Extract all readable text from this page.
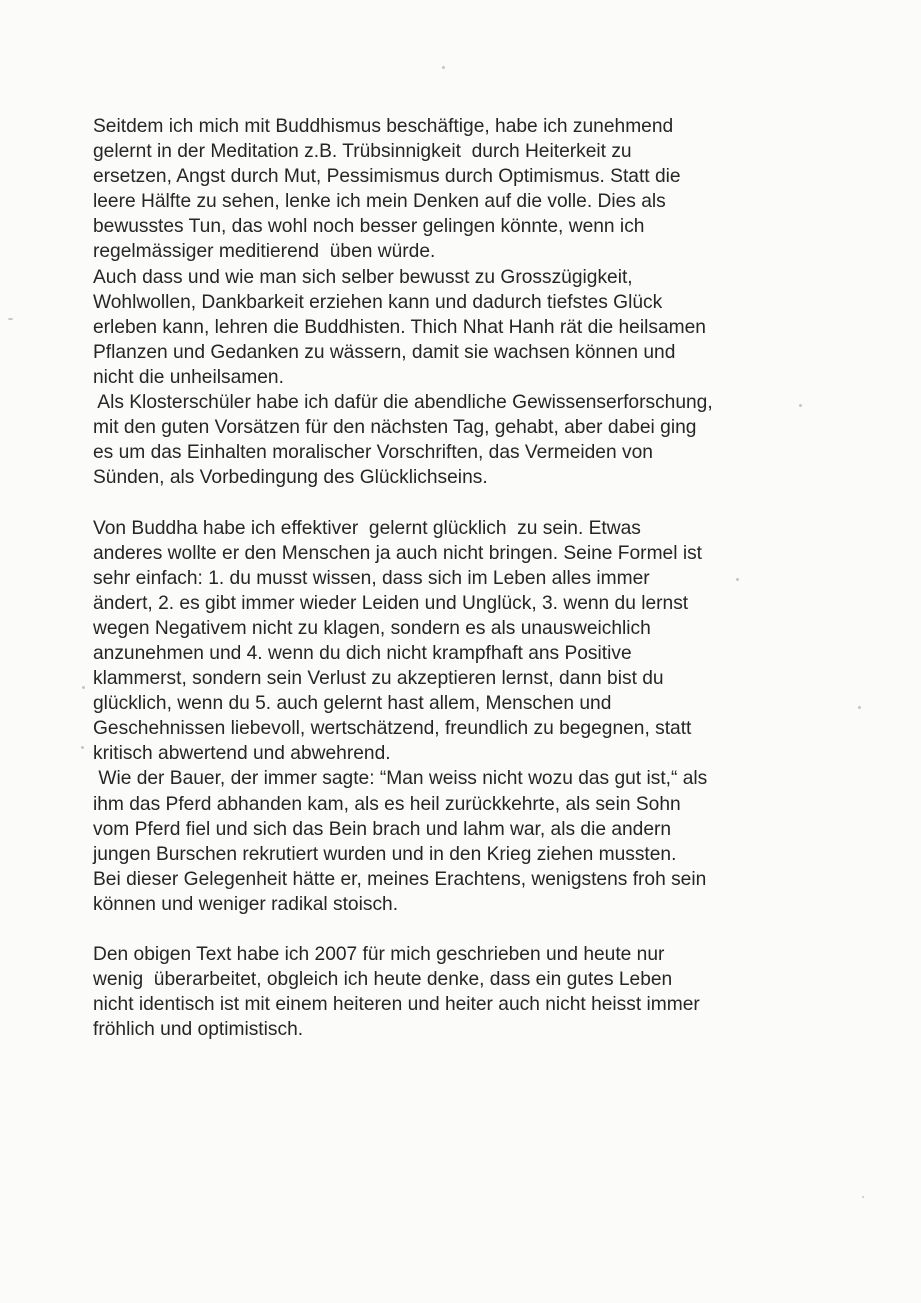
Seitdem ich mich mit Buddhismus beschäftige, habe ich zunehmend
gelernt in der Meditation z.B. Trübsinnigkeit  durch Heiterkeit zu
ersetzen, Angst durch Mut, Pessimismus durch Optimismus. Statt die
leere Hälfte zu sehen, lenke ich mein Denken auf die volle. Dies als
bewusstes Tun, das wohl noch besser gelingen könnte, wenn ich
regelmässiger meditierend  üben würde.
Auch dass und wie man sich selber bewusst zu Grosszügigkeit,
Wohlwollen, Dankbarkeit erziehen kann und dadurch tiefstes Glück
erleben kann, lehren die Buddhisten. Thich Nhat Hanh rät die heilsamen
Pflanzen und Gedanken zu wässern, damit sie wachsen können und
nicht die unheilsamen.
Als Klosterschüler habe ich dafür die abendliche Gewissenserforschung,
mit den guten Vorsätzen für den nächsten Tag, gehabt, aber dabei ging
es um das Einhalten moralischer Vorschriften, das Vermeiden von
Sünden, als Vorbedingung des Glücklichseins.
Von Buddha habe ich effektiver  gelernt glücklich  zu sein. Etwas
anderes wollte er den Menschen ja auch nicht bringen. Seine Formel ist
sehr einfach: 1. du musst wissen, dass sich im Leben alles immer
ändert, 2. es gibt immer wieder Leiden und Unglück, 3. wenn du lernst
wegen Negativem nicht zu klagen, sondern es als unausweichlich
anzunehmen und 4. wenn du dich nicht krampfhaft ans Positive
klammerst, sondern sein Verlust zu akzeptieren lernst, dann bist du
glücklich, wenn du 5. auch gelernt hast allem, Menschen und
Geschehnissen liebevoll, wertschätzend, freundlich zu begegnen, statt
kritisch abwertend und abwehrend.
Wie der Bauer, der immer sagte: “Man weiss nicht wozu das gut ist,“ als
ihm das Pferd abhanden kam, als es heil zurückkehrte, als sein Sohn
vom Pferd fiel und sich das Bein brach und lahm war, als die andern
jungen Burschen rekrutiert wurden und in den Krieg ziehen mussten.
Bei dieser Gelegenheit hätte er, meines Erachtens, wenigstens froh sein
können und weniger radikal stoisch.
Den obigen Text habe ich 2007 für mich geschrieben und heute nur
wenig  überarbeitet, obgleich ich heute denke, dass ein gutes Leben
nicht identisch ist mit einem heiteren und heiter auch nicht heisst immer
fröhlich und optimistisch.
